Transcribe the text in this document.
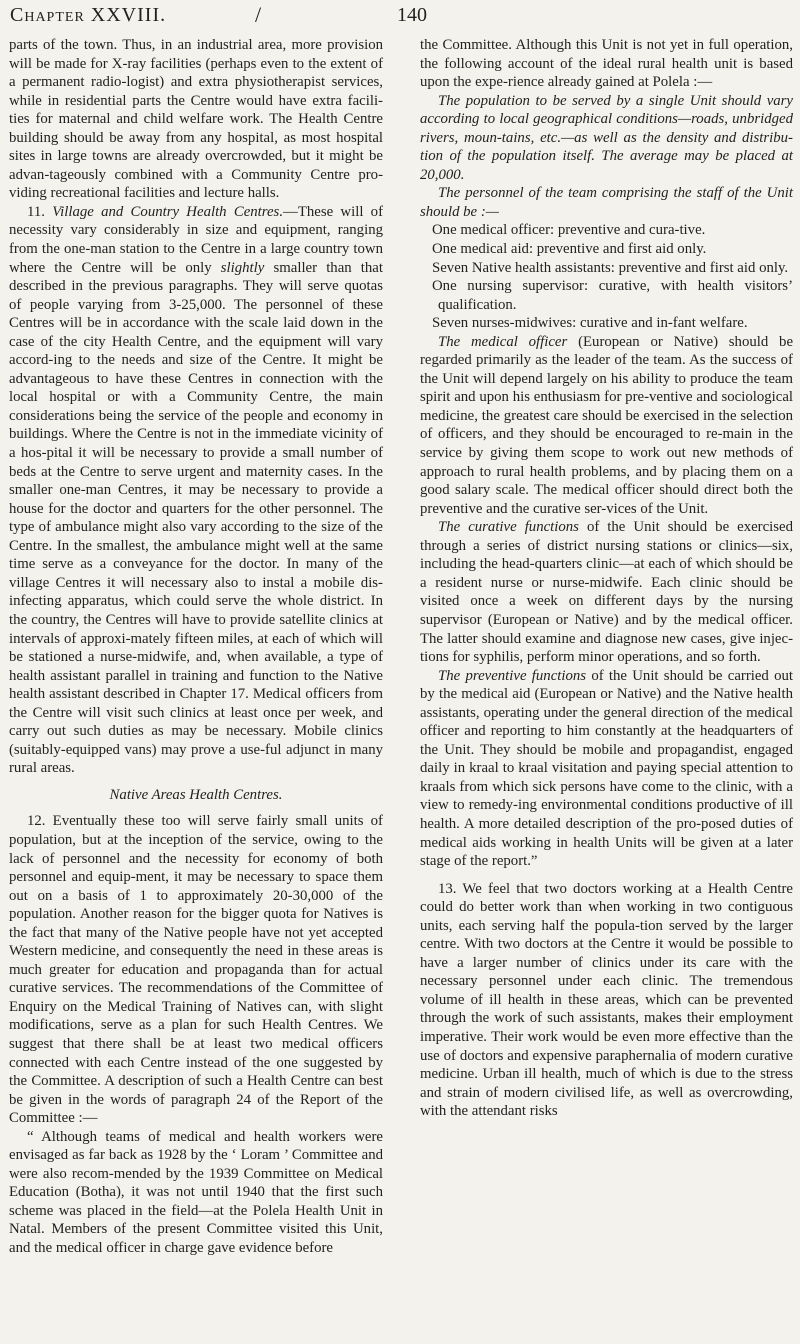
Chapter XXVIII.	/	140

parts of the town. Thus, in an industrial area, more provision will be made for X-ray facilities (perhaps even to the extent of a permanent radio-logist) and extra physiotherapist services, while in residential parts the Centre would have extra facili-ties for maternal and child welfare work. The Health Centre building should be away from any hospital, as most hospital sites in large towns are already overcrowded, but it might be advan-tageously combined with a Community Centre pro-viding recreational facilities and lecture halls.

11. Village and Country Health Centres.—These will of necessity vary considerably in size and equipment, ranging from the one-man station to the Centre in a large country town where the Centre will be only slightly smaller than that described in the previous paragraphs. They will serve quotas of people varying from 3-25,000. The personnel of these Centres will be in accordance with the scale laid down in the case of the city Health Centre, and the equipment will vary accord-ing to the needs and size of the Centre. It might be advantageous to have these Centres in connection with the local hospital or with a Community Centre, the main considerations being the service of the people and economy in buildings. Where the Centre is not in the immediate vicinity of a hos-pital it will be necessary to provide a small number of beds at the Centre to serve urgent and maternity cases. In the smaller one-man Centres, it may be necessary to provide a house for the doctor and quarters for the other personnel. The type of ambulance might also vary according to the size of the Centre. In the smallest, the ambulance might well at the same time serve as a conveyance for the doctor. In many of the village Centres it will necessary also to instal a mobile dis-infecting apparatus, which could serve the whole district. In the country, the Centres will have to provide satellite clinics at intervals of approxi-mately fifteen miles, at each of which will be stationed a nurse-midwife, and, when available, a type of health assistant parallel in training and function to the Native health assistant described in Chapter 17. Medical officers from the Centre will visit such clinics at least once per week, and carry out such duties as may be necessary. Mobile clinics (suitably-equipped vans) may prove a use-ful adjunct in many rural areas.

Native Areas Health Centres.

12. Eventually these too will serve fairly small units of population, but at the inception of the service, owing to the lack of personnel and the necessity for economy of both personnel and equip-ment, it may be necessary to space them out on a basis of 1 to approximately 20-30,000 of the population. Another reason for the bigger quota for Natives is the fact that many of the Native people have not yet accepted Western medicine, and consequently the need in these areas is much greater for education and propaganda than for actual curative services. The recommendations of the Committee of Enquiry on the Medical Training of Natives can, with slight modifications, serve as a plan for such Health Centres. We suggest that there shall be at least two medical officers connected with each Centre instead of the one suggested by the Committee. A description of such a Health Centre can best be given in the words of paragraph 24 of the Report of the Committee :—

“ Although teams of medical and health workers were envisaged as far back as 1928 by the ‘ Loram ’ Committee and were also recom-mended by the 1939 Committee on Medical Education (Botha), it was not until 1940 that the first such scheme was placed in the field—at the Polela Health Unit in Natal. Members of the present Committee visited this Unit, and the medical officer in charge gave evidence before

the Committee. Although this Unit is not yet in full operation, the following account of the ideal rural health unit is based upon the expe-rience already gained at Polela :—

The population to be served by a single Unit should vary according to local geographical conditions—roads, unbridged rivers, moun-tains, etc.—as well as the density and distribu-tion of the population itself. The average may be placed at 20,000.

The personnel of the team comprising the staff of the Unit should be :—

One medical officer: preventive and cura-tive.

One medical aid: preventive and first aid only.

Seven Native health assistants: preventive and first aid only.

One nursing supervisor: curative, with health visitors’ qualification.

Seven nurses-midwives: curative and in-fant welfare.

The medical officer (European or Native) should be regarded primarily as the leader of the team. As the success of the Unit will depend largely on his ability to produce the team spirit and upon his enthusiasm for pre-ventive and sociological medicine, the greatest care should be exercised in the selection of officers, and they should be encouraged to re-main in the service by giving them scope to work out new methods of approach to rural health problems, and by placing them on a good salary scale. The medical officer should direct both the preventive and the curative ser-vices of the Unit.

The curative functions of the Unit should be exercised through a series of district nursing stations or clinics—six, including the head-quarters clinic—at each of which should be a resident nurse or nurse-midwife. Each clinic should be visited once a week on different days by the nursing supervisor (European or Native) and by the medical officer. The latter should examine and diagnose new cases, give injec-tions for syphilis, perform minor operations, and so forth.

The preventive functions of the Unit should be carried out by the medical aid (European or Native) and the Native health assistants, operating under the general direction of the medical officer and reporting to him constantly at the headquarters of the Unit. They should be mobile and propagandist, engaged daily in kraal to kraal visitation and paying special attention to kraals from which sick persons have come to the clinic, with a view to remedy-ing environmental conditions productive of ill health. A more detailed description of the pro-posed duties of medical aids working in health Units will be given at a later stage of the report.”

13. We feel that two doctors working at a Health Centre could do better work than when working in two contiguous units, each serving half the popula-tion served by the larger centre. With two doctors at the Centre it would be possible to have a larger number of clinics under its care with the necessary personnel under each clinic. The tremendous volume of ill health in these areas, which can be prevented through the work of such assistants, makes their employment imperative. Their work would be even more effective than the use of doctors and expensive paraphernalia of modern curative medicine. Urban ill health, much of which is due to the stress and strain of modern civilised life, as well as overcrowding, with the attendant risks
